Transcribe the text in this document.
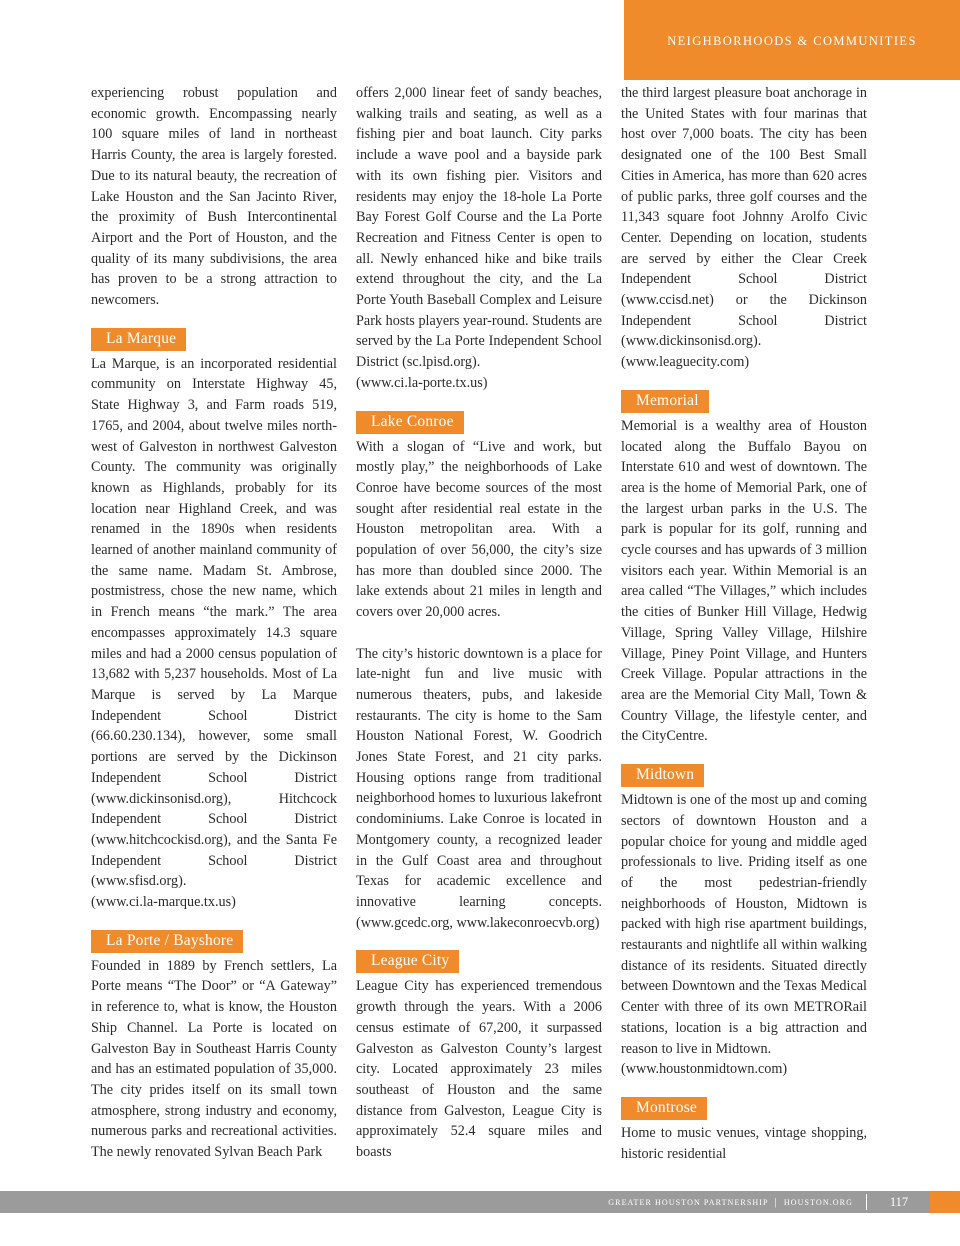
NEIGHBORHOODS & COMMUNITIES

experiencing robust population and economic growth. Encompassing nearly 100 square miles of land in northeast Harris County, the area is largely forested. Due to its natural beauty, the recreation of Lake Houston and the San Jacinto River, the proximity of Bush Intercontinental Airport and the Port of Houston, and the quality of its many subdivisions, the area has proven to be a strong attraction to newcomers.

La Marque

La Marque, is an incorporated residential community on Interstate Highway 45, State Highway 3, and Farm roads 519, 1765, and 2004, about twelve miles north-west of Galveston in northwest Galveston County. The community was originally known as Highlands, probably for its location near Highland Creek, and was renamed in the 1890s when residents learned of another mainland community of the same name. Madam St. Ambrose, postmistress, chose the new name, which in French means “the mark.” The area encompasses approximately 14.3 square miles and had a 2000 census population of 13,682 with 5,237 households. Most of La Marque is served by La Marque Independent School District (66.60.230.134), however, some small portions are served by the Dickinson Independent School District (www.dickinsonisd.org), Hitchcock Independent School District (www.hitchcockisd.org), and the Santa Fe Independent School District (www.sfisd.org).

(www.ci.la-marque.tx.us)
La Porte / Bayshore

Founded in 1889 by French settlers, La Porte means “The Door” or “A Gateway” in reference to, what is know, the Houston Ship Channel. La Porte is located on Galveston Bay in Southeast Harris County and has an estimated population of 35,000. The city prides itself on its small town atmosphere, strong industry and economy, numerous parks and recreational activities. The newly renovated Sylvan Beach Park

offers 2,000 linear feet of sandy beaches, walking trails and seating, as well as a fishing pier and boat launch. City parks include a wave pool and a bayside park with its own fishing pier. Visitors and residents may enjoy the 18-hole La Porte Bay Forest Golf Course and the La Porte Recreation and Fitness Center is open to all. Newly enhanced hike and bike trails extend throughout the city, and the La Porte Youth Baseball Complex and Leisure Park hosts players year-round. Students are served by the La Porte Independent School District (sc.lpisd.org).

(www.ci.la-porte.tx.us)
Lake Conroe

With a slogan of “Live and work, but mostly play,” the neighborhoods of Lake Conroe have become sources of the most sought after residential real estate in the Houston metropolitan area. With a population of over 56,000, the city’s size has more than doubled since 2000. The lake extends about 21 miles in length and covers over 20,000 acres.

The city’s historic downtown is a place for late-night fun and live music with numerous theaters, pubs, and lakeside restaurants. The city is home to the Sam Houston National Forest, W. Goodrich Jones State Forest, and 21 city parks. Housing options range from traditional neighborhood homes to luxurious lakefront condominiums. Lake Conroe is located in Montgomery county, a recognized leader in the Gulf Coast area and throughout Texas for academic excellence and innovative learning concepts. (www.gcedc.org, www.lakeconroecvb.org)

League City

League City has experienced tremendous growth through the years. With a 2006 census estimate of 67,200, it surpassed Galveston as Galveston County’s largest city. Located approximately 23 miles southeast of Houston and the same distance from Galveston, League City is approximately 52.4 square miles and boasts

the third largest pleasure boat anchorage in the United States with four marinas that host over 7,000 boats. The city has been designated one of the 100 Best Small Cities in America, has more than 620 acres of public parks, three golf courses and the 11,343 square foot Johnny Arolfo Civic Center. Depending on location, students are served by either the Clear Creek Independent School District (www.ccisd.net) or the Dickinson Independent School District (www.dickinsonisd.org).

(www.leaguecity.com)
Memorial

Memorial is a wealthy area of Houston located along the Buffalo Bayou on Interstate 610 and west of downtown. The area is the home of Memorial Park, one of the largest urban parks in the U.S. The park is popular for its golf, running and cycle courses and has upwards of 3 million visitors each year. Within Memorial is an area called “The Villages,” which includes the cities of Bunker Hill Village, Hedwig Village, Spring Valley Village, Hilshire Village, Piney Point Village, and Hunters Creek Village. Popular attractions in the area are the Memorial City Mall, Town & Country Village, the lifestyle center, and the CityCentre.

Midtown

Midtown is one of the most up and coming sectors of downtown Houston and a popular choice for young and middle aged professionals to live. Priding itself as one of the most pedestrian-friendly neighborhoods of Houston, Midtown is packed with high rise apartment buildings, restaurants and nightlife all within walking distance of its residents. Situated directly between Downtown and the Texas Medical Center with three of its own METRORail stations, location is a big attraction and reason to live in Midtown.

(www.houstonmidtown.com)
Montrose

Home to music venues, vintage shopping, historic residential

GREATER HOUSTON PARTNERSHIP | HOUSTON.ORG	117
